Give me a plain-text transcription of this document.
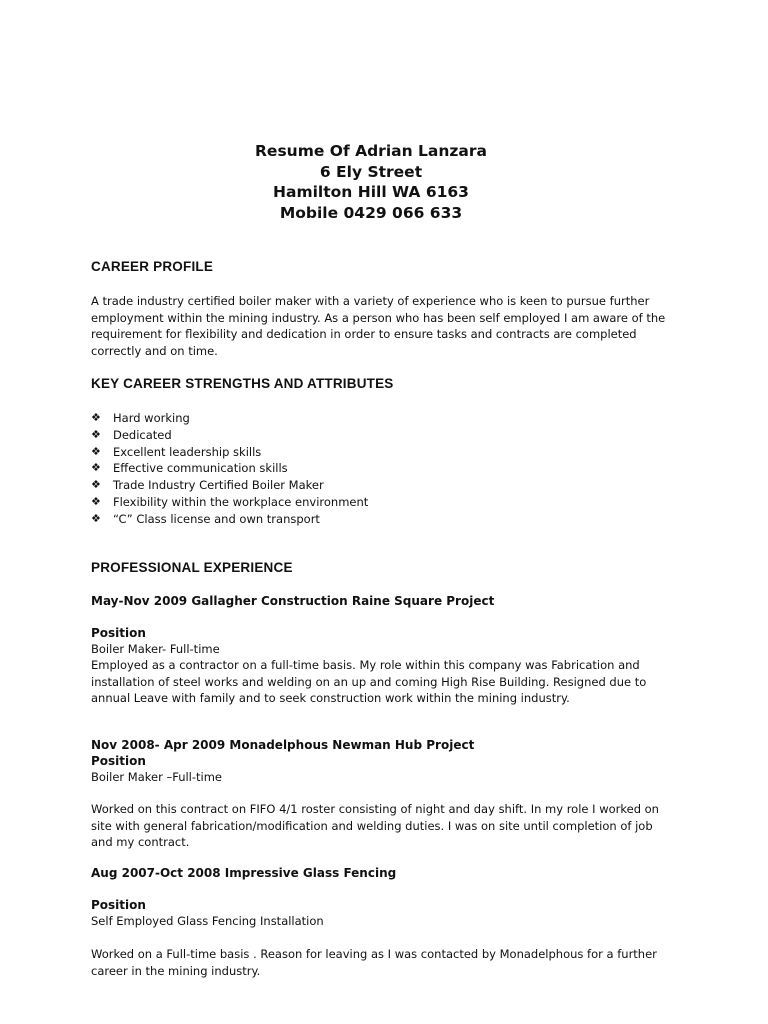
Resume Of Adrian Lanzara
6 Ely Street
Hamilton Hill WA 6163
Mobile 0429 066 633
CAREER PROFILE
A trade industry certified boiler maker with a variety of experience who is keen to pursue further employment within the mining industry. As a person who has been self employed I am aware of the requirement for flexibility and dedication in order to ensure tasks and contracts are completed correctly and on time.
KEY CAREER STRENGTHS AND ATTRIBUTES
❖	Hard working
❖	Dedicated
❖	Excellent leadership skills
❖	Effective communication skills
❖	Trade Industry Certified Boiler Maker
❖	Flexibility within the workplace environment
❖	“C” Class license and own transport
PROFESSIONAL EXPERIENCE
May-Nov 2009 Gallagher Construction Raine Square Project
Position
Boiler Maker- Full-time
Employed as a contractor on a full-time basis. My role within this company was Fabrication and installation of steel works and welding on an up and coming High Rise Building. Resigned due to annual Leave with family and to seek construction work within the mining industry.
Nov 2008- Apr 2009 Monadelphous Newman Hub Project
Position
Boiler Maker –Full-time
Worked on this contract on FIFO 4/1 roster consisting of night and day shift. In my role I worked on site with general fabrication/modification and welding duties. I was on site until completion of job and my contract.
Aug 2007-Oct 2008 Impressive Glass Fencing
Position
Self Employed Glass Fencing Installation
Worked on a Full-time basis . Reason for leaving as I was contacted by Monadelphous for a further career in the mining industry.
